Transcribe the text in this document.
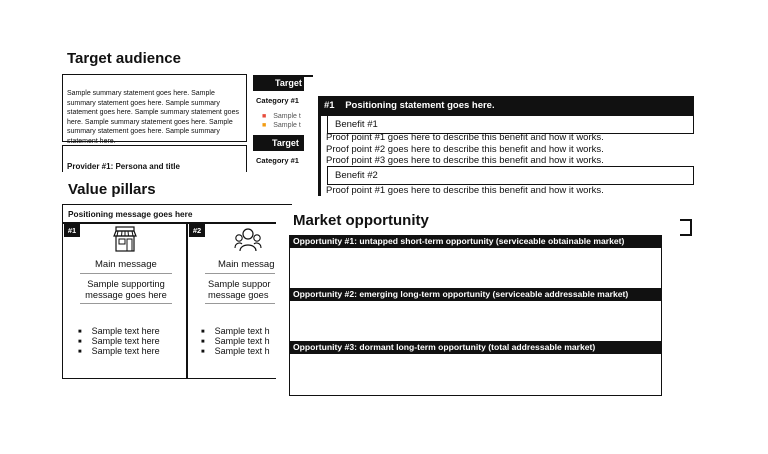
Target audience
Sample summary statement goes here. Sample summary statement goes here. Sample summary statement goes here. Sample summary statement goes here. Sample summary statement goes here. Sample summary statement goes here. Sample summary statement here.
Provider #1: Persona and title
Target
Category #1
■ Sample t
■ Sample t
Target
Category #1
#1 Positioning statement goes here.
Benefit #1
Proof point #1 goes here to describe this benefit and how it works.
Proof point #2 goes here to describe this benefit and how it works.
Proof point #3 goes here to describe this benefit and how it works.
Benefit #2
Proof point #1 goes here to describe this benefit and how it works.
Value pillars
Positioning message goes here
#1
Main message
Sample supporting message goes here
■ Sample text here
■ Sample text here
■ Sample text here
#2
Main messag
Sample suppor message goes
■ Sample text h
■ Sample text h
■ Sample text h
Market opportunity
Opportunity #1: untapped short-term opportunity (serviceable obtainable market)
Opportunity #2: emerging long-term opportunity (serviceable addressable market)
Opportunity #3: dormant long-term opportunity (total addressable market)
